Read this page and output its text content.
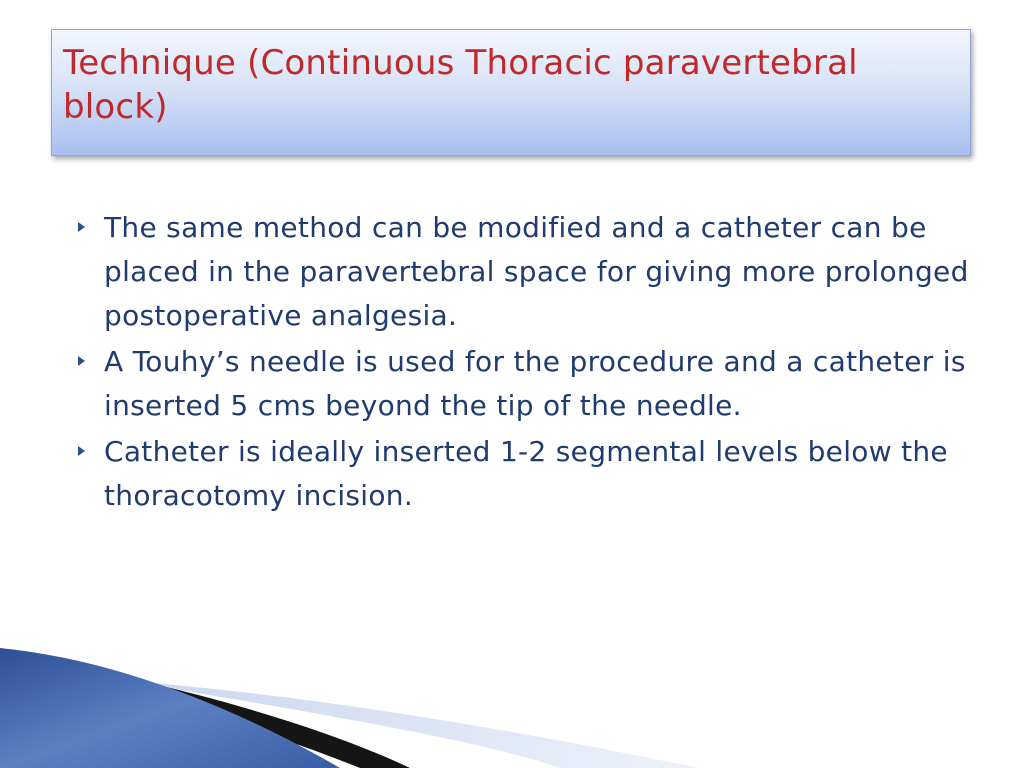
Technique (Continuous Thoracic paravertebral block)
The same method can be modified and a catheter can be placed in the paravertebral space for giving more prolonged postoperative analgesia.
A Touhy’s needle is used for the procedure and a catheter is inserted 5 cms beyond the tip of the needle.
Catheter is ideally inserted 1-2 segmental levels below the thoracotomy incision.
